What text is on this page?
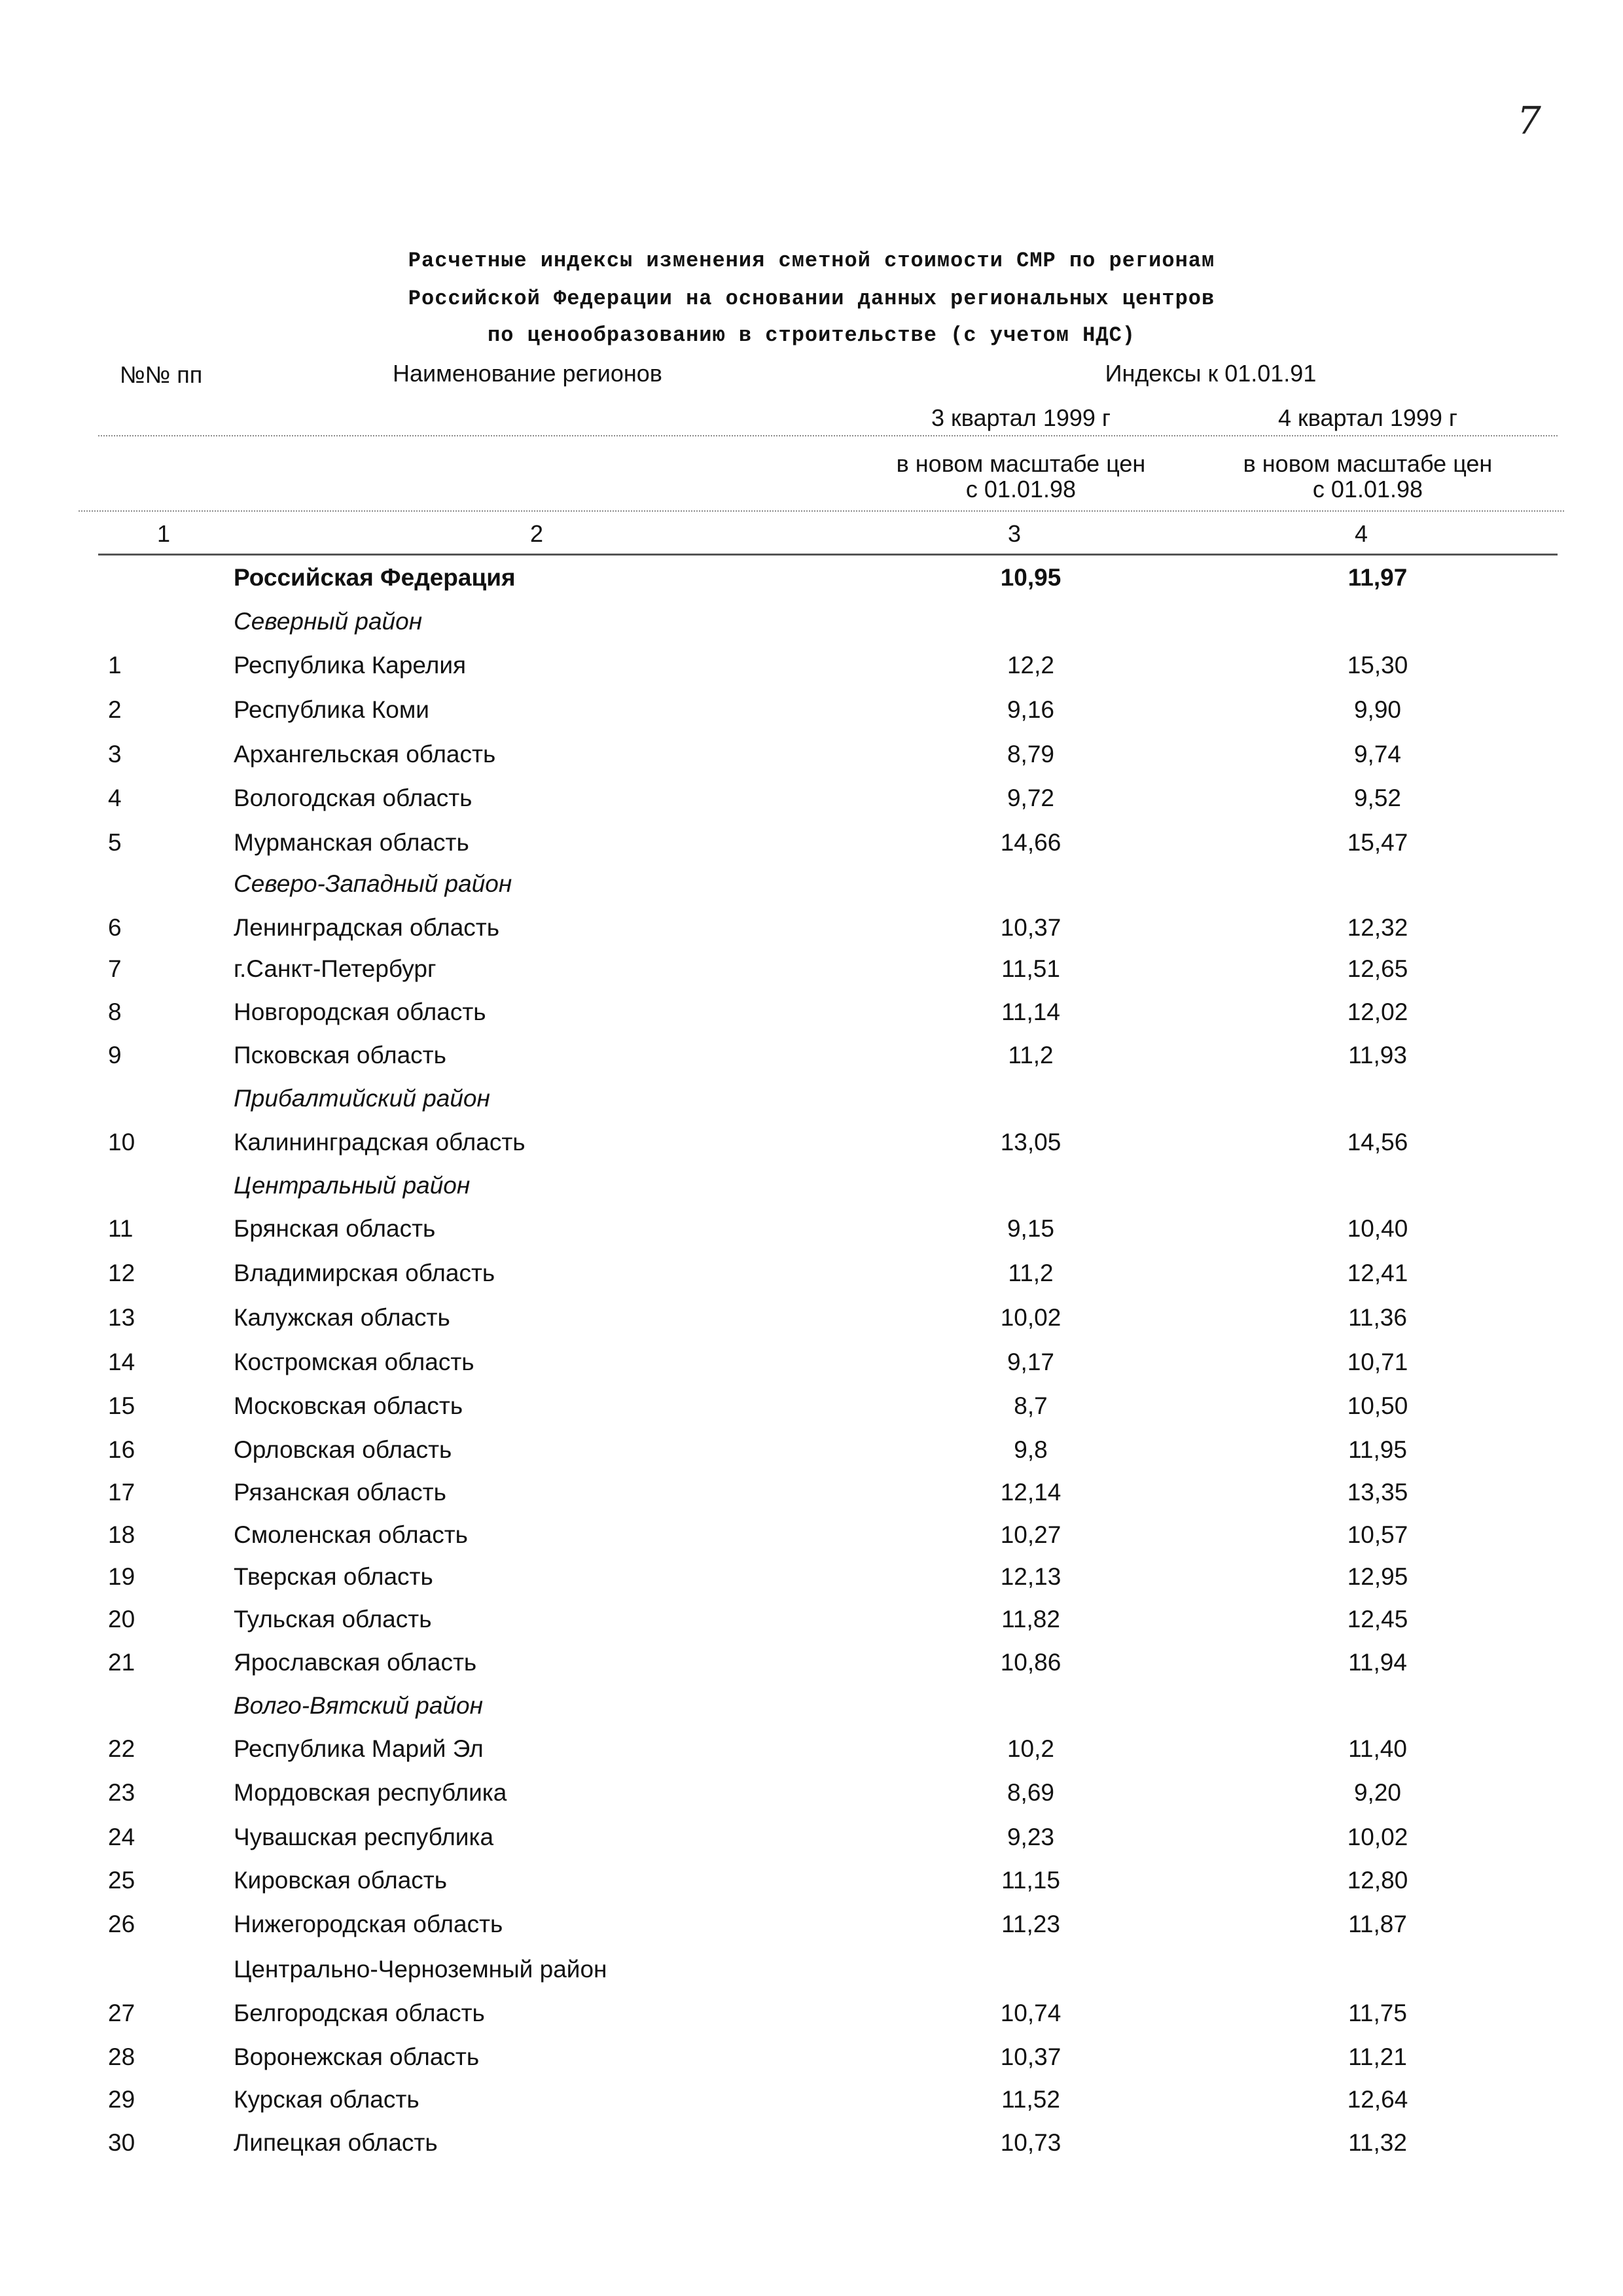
7
Расчетные индексы изменения сметной стоимости СМР по регионам
Российской Федерации на основании данных региональных центров
по ценообразованию в строительстве (с учетом НДС)
№№ пп	Наименование регионов	Индексы к 01.01.91
3 квартал 1999 г	4 квартал 1999 г
в новом масштабе цен
с 01.01.98
в новом масштабе цен
с 01.01.98
1	2	3	4
Российская Федерация	10,95	11,97
Северный район
1	Республика Карелия	12,2	15,30
2	Республика Коми	9,16	9,90
3	Архангельская область	8,79	9,74
4	Вологодская область	9,72	9,52
5	Мурманская область	14,66	15,47
Северо-Западный район
6	Ленинградская область	10,37	12,32
7	г.Санкт-Петербург	11,51	12,65
8	Новгородская область	11,14	12,02
9	Псковская область	11,2	11,93
Прибалтийский район
10	Калининградская область	13,05	14,56
Центральный район
11	Брянская область	9,15	10,40
12	Владимирская область	11,2	12,41
13	Калужская область	10,02	11,36
14	Костромская область	9,17	10,71
15	Московская область	8,7	10,50
16	Орловская область	9,8	11,95
17	Рязанская область	12,14	13,35
18	Смоленская область	10,27	10,57
19	Тверская область	12,13	12,95
20	Тульская область	11,82	12,45
21	Ярославская область	10,86	11,94
Волго-Вятский район
22	Республика Марий Эл	10,2	11,40
23	Мордовская республика	8,69	9,20
24	Чувашская республика	9,23	10,02
25	Кировская область	11,15	12,80
26	Нижегородская область	11,23	11,87
Центрально-Черноземный район
27	Белгородская область	10,74	11,75
28	Воронежская область	10,37	11,21
29	Курская область	11,52	12,64
30	Липецкая область	10,73	11,32
